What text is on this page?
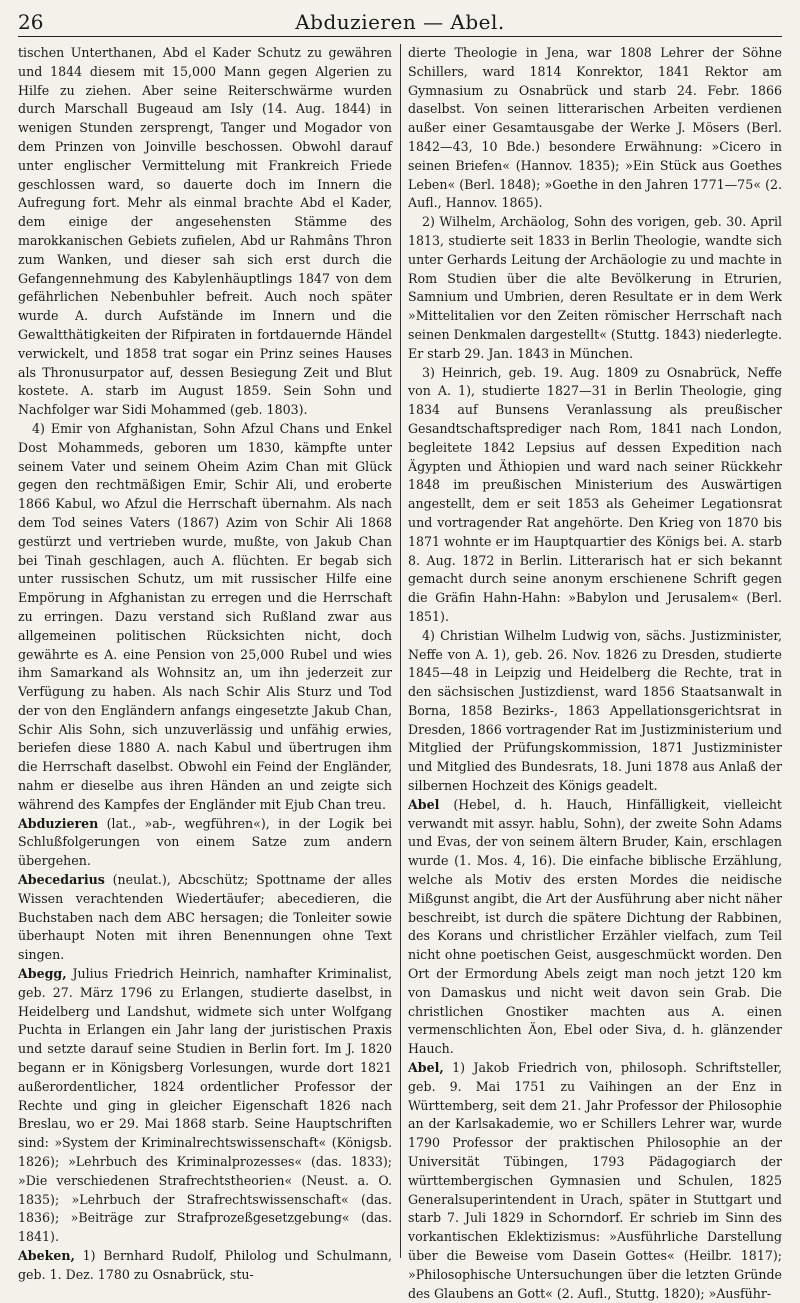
26	Abduzieren — Abel.

tischen Unterthanen, Abd el Kader Schutz zu gewähren und 1844 diesem mit 15,000 Mann gegen Algerien zu Hilfe zu ziehen. Aber seine Reiterschwärme wurden durch Marschall Bugeaud am Isly (14. Aug. 1844) in wenigen Stunden zersprengt, Tanger und Mogador von dem Prinzen von Joinville beschossen. Obwohl darauf unter englischer Vermittelung mit Frankreich Friede geschlossen ward, so dauerte doch im Innern die Aufregung fort. Mehr als einmal brachte Abd el Kader, dem einige der angesehensten Stämme des marokkanischen Gebiets zufielen, Abd ur Rahmâns Thron zum Wanken, und dieser sah sich erst durch die Gefangennehmung des Kabylenhäuptlings 1847 von dem gefährlichen Nebenbuhler befreit. Auch noch später wurde A. durch Aufstände im Innern und die Gewaltthätigkeiten der Rifpiraten in fortdauernde Händel verwickelt, und 1858 trat sogar ein Prinz seines Hauses als Thronusurpator auf, dessen Besiegung Zeit und Blut kostete. A. starb im August 1859. Sein Sohn und Nachfolger war Sidi Mohammed (geb. 1803).

4) Emir von Afghanistan, Sohn Afzul Chans und Enkel Dost Mohammeds, geboren um 1830, kämpfte unter seinem Vater und seinem Oheim Azim Chan mit Glück gegen den rechtmäßigen Emir, Schir Ali, und eroberte 1866 Kabul, wo Afzul die Herrschaft übernahm. Als nach dem Tod seines Vaters (1867) Azim von Schir Ali 1868 gestürzt und vertrieben wurde, mußte, von Jakub Chan bei Tinah geschlagen, auch A. flüchten. Er begab sich unter russischen Schutz, um mit russischer Hilfe eine Empörung in Afghanistan zu erregen und die Herrschaft zu erringen. Dazu verstand sich Rußland zwar aus allgemeinen politischen Rücksichten nicht, doch gewährte es A. eine Pension von 25,000 Rubel und wies ihm Samarkand als Wohnsitz an, um ihn jederzeit zur Verfügung zu haben. Als nach Schir Alis Sturz und Tod der von den Engländern anfangs eingesetzte Jakub Chan, Schir Alis Sohn, sich unzuverlässig und unfähig erwies, beriefen diese 1880 A. nach Kabul und übertrugen ihm die Herrschaft daselbst. Obwohl ein Feind der Engländer, nahm er dieselbe aus ihren Händen an und zeigte sich während des Kampfes der Engländer mit Ejub Chan treu.

Abduzieren (lat., »ab-, wegführen«), in der Logik bei Schlußfolgerungen von einem Satze zum andern übergehen.

Abecedarius (neulat.), Abcschütz; Spottname der alles Wissen verachtenden Wiedertäufer; abecedieren, die Buchstaben nach dem ABC hersagen; die Tonleiter sowie überhaupt Noten mit ihren Benennungen ohne Text singen.

Abegg, Julius Friedrich Heinrich, namhafter Kriminalist, geb. 27. März 1796 zu Erlangen, studierte daselbst, in Heidelberg und Landshut, widmete sich unter Wolfgang Puchta in Erlangen ein Jahr lang der juristischen Praxis und setzte darauf seine Studien in Berlin fort. Im J. 1820 begann er in Königsberg Vorlesungen, wurde dort 1821 außerordentlicher, 1824 ordentlicher Professor der Rechte und ging in gleicher Eigenschaft 1826 nach Breslau, wo er 29. Mai 1868 starb. Seine Hauptschriften sind: »System der Kriminalrechtswissenschaft« (Königsb. 1826); »Lehrbuch des Kriminalprozesses« (das. 1833); »Die verschiedenen Strafrechtstheorien« (Neust. a. O. 1835); »Lehrbuch der Strafrechtswissenschaft« (das. 1836); »Beiträge zur Strafprozeßgesetzgebung« (das. 1841).

Abeken, 1) Bernhard Rudolf, Philolog und Schulmann, geb. 1. Dez. 1780 zu Osnabrück, stu-

dierte Theologie in Jena, war 1808 Lehrer der Söhne Schillers, ward 1814 Konrektor, 1841 Rektor am Gymnasium zu Osnabrück und starb 24. Febr. 1866 daselbst. Von seinen litterarischen Arbeiten verdienen außer einer Gesamtausgabe der Werke J. Mösers (Berl. 1842—43, 10 Bde.) besondere Erwähnung: »Cicero in seinen Briefen« (Hannov. 1835); »Ein Stück aus Goethes Leben« (Berl. 1848); »Goethe in den Jahren 1771—75« (2. Aufl., Hannov. 1865).

2) Wilhelm, Archäolog, Sohn des vorigen, geb. 30. April 1813, studierte seit 1833 in Berlin Theologie, wandte sich unter Gerhards Leitung der Archäologie zu und machte in Rom Studien über die alte Bevölkerung in Etrurien, Samnium und Umbrien, deren Resultate er in dem Werk »Mittelitalien vor den Zeiten römischer Herrschaft nach seinen Denkmalen dargestellt« (Stuttg. 1843) niederlegte. Er starb 29. Jan. 1843 in München.

3) Heinrich, geb. 19. Aug. 1809 zu Osnabrück, Neffe von A. 1), studierte 1827—31 in Berlin Theologie, ging 1834 auf Bunsens Veranlassung als preußischer Gesandtschaftsprediger nach Rom, 1841 nach London, begleitete 1842 Lepsius auf dessen Expedition nach Ägypten und Äthiopien und ward nach seiner Rückkehr 1848 im preußischen Ministerium des Auswärtigen angestellt, dem er seit 1853 als Geheimer Legationsrat und vortragender Rat angehörte. Den Krieg von 1870 bis 1871 wohnte er im Hauptquartier des Königs bei. A. starb 8. Aug. 1872 in Berlin. Litterarisch hat er sich bekannt gemacht durch seine anonym erschienene Schrift gegen die Gräfin Hahn-Hahn: »Babylon und Jerusalem« (Berl. 1851).

4) Christian Wilhelm Ludwig von, sächs. Justizminister, Neffe von A. 1), geb. 26. Nov. 1826 zu Dresden, studierte 1845—48 in Leipzig und Heidelberg die Rechte, trat in den sächsischen Justizdienst, ward 1856 Staatsanwalt in Borna, 1858 Bezirks-, 1863 Appellationsgerichtsrat in Dresden, 1866 vortragender Rat im Justizministerium und Mitglied der Prüfungskommission, 1871 Justizminister und Mitglied des Bundesrats, 18. Juni 1878 aus Anlaß der silbernen Hochzeit des Königs geadelt.

Abel (Hebel, d. h. Hauch, Hinfälligkeit, vielleicht verwandt mit assyr. hablu, Sohn), der zweite Sohn Adams und Evas, der von seinem ältern Bruder, Kain, erschlagen wurde (1. Mos. 4, 16). Die einfache biblische Erzählung, welche als Motiv des ersten Mordes die neidische Mißgunst angibt, die Art der Ausführung aber nicht näher beschreibt, ist durch die spätere Dichtung der Rabbinen, des Korans und christlicher Erzähler vielfach, zum Teil nicht ohne poetischen Geist, ausgeschmückt worden. Den Ort der Ermordung Abels zeigt man noch jetzt 120 km von Damaskus und nicht weit davon sein Grab. Die christlichen Gnostiker machten aus A. einen vermenschlichten Äon, Ebel oder Siva, d. h. glänzender Hauch.

Abel, 1) Jakob Friedrich von, philosoph. Schriftsteller, geb. 9. Mai 1751 zu Vaihingen an der Enz in Württemberg, seit dem 21. Jahr Professor der Philosophie an der Karlsakademie, wo er Schillers Lehrer war, wurde 1790 Professor der praktischen Philosophie an der Universität Tübingen, 1793 Pädagogiarch der württembergischen Gymnasien und Schulen, 1825 Generalsuperintendent in Urach, später in Stuttgart und starb 7. Juli 1829 in Schorndorf. Er schrieb im Sinn des vorkantischen Eklektizismus: »Ausführliche Darstellung über die Beweise vom Dasein Gottes« (Heilbr. 1817); »Philosophische Untersuchungen über die letzten Gründe des Glaubens an Gott« (2. Aufl., Stuttg. 1820); »Ausführ-
